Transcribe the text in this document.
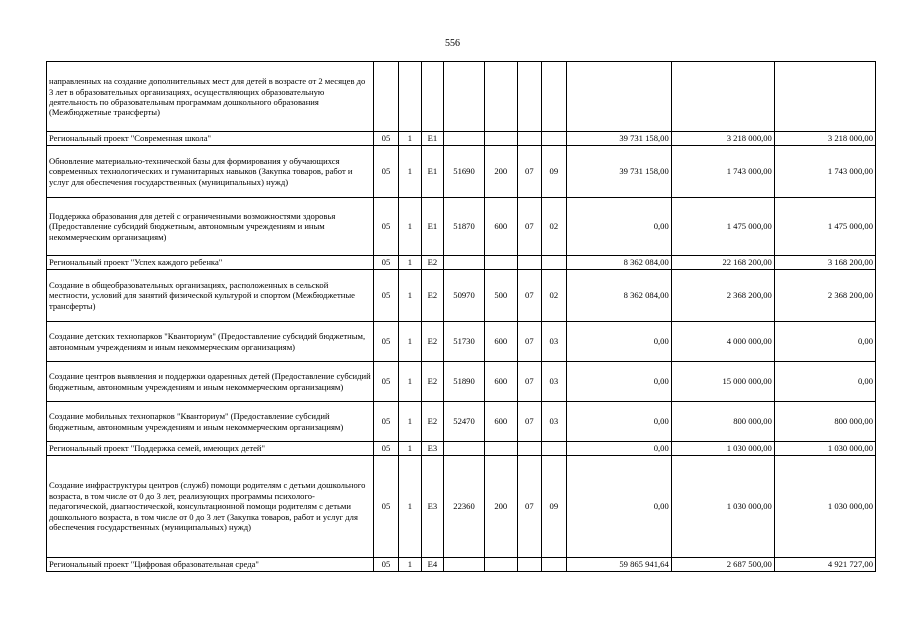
556
направленных на создание дополнительных мест для детей в возрасте от 2 месяцев до 3 лет в образовательных организациях, осуществляющих образовательную деятельность по образовательным программам дошкольного образования (Межбюджетные трансферты)										
Региональный проект "Современная школа"	05	1	E1					39 731 158,00	3 218 000,00	3 218 000,00
Обновление материально-технической базы для формирования у обучающихся современных технологических и гуманитарных навыков (Закупка товаров, работ и услуг для обеспечения государственных (муниципальных) нужд)	05	1	E1	51690	200	07	09	39 731 158,00	1 743 000,00	1 743 000,00
Поддержка образования для детей с ограниченными возможностями здоровья (Предоставление субсидий бюджетным, автономным учреждениям и иным некоммерческим организациям)	05	1	E1	51870	600	07	02	0,00	1 475 000,00	1 475 000,00
Региональный проект "Успех каждого ребенка"	05	1	E2					8 362 084,00	22 168 200,00	3 168 200,00
Создание в общеобразовательных организациях, расположенных в сельской местности, условий для занятий физической культурой и спортом (Межбюджетные трансферты)	05	1	E2	50970	500	07	02	8 362 084,00	2 368 200,00	2 368 200,00
Создание детских технопарков "Кванториум" (Предоставление субсидий бюджетным, автономным учреждениям и иным некоммерческим организациям)	05	1	E2	51730	600	07	03	0,00	4 000 000,00	0,00
Создание центров выявления и поддержки одаренных детей (Предоставление субсидий бюджетным, автономным учреждениям и иным некоммерческим организациям)	05	1	E2	51890	600	07	03	0,00	15 000 000,00	0,00
Создание мобильных технопарков "Кванториум" (Предоставление субсидий бюджетным, автономным учреждениям и иным некоммерческим организациям)	05	1	E2	52470	600	07	03	0,00	800 000,00	800 000,00
Региональный проект "Поддержка семей, имеющих детей"	05	1	E3					0,00	1 030 000,00	1 030 000,00
Создание инфраструктуры центров (служб) помощи родителям с детьми дошкольного возраста, в том числе от 0 до 3 лет, реализующих программы психолого-педагогической, диагностической, консультационной помощи родителям с детьми дошкольного возраста, в том числе от 0 до 3 лет (Закупка товаров, работ и услуг для обеспечения государственных (муниципальных) нужд)	05	1	E3	22360	200	07	09	0,00	1 030 000,00	1 030 000,00
Региональный проект "Цифровая образовательная среда"	05	1	E4					59 865 941,64	2 687 500,00	4 921 727,00
